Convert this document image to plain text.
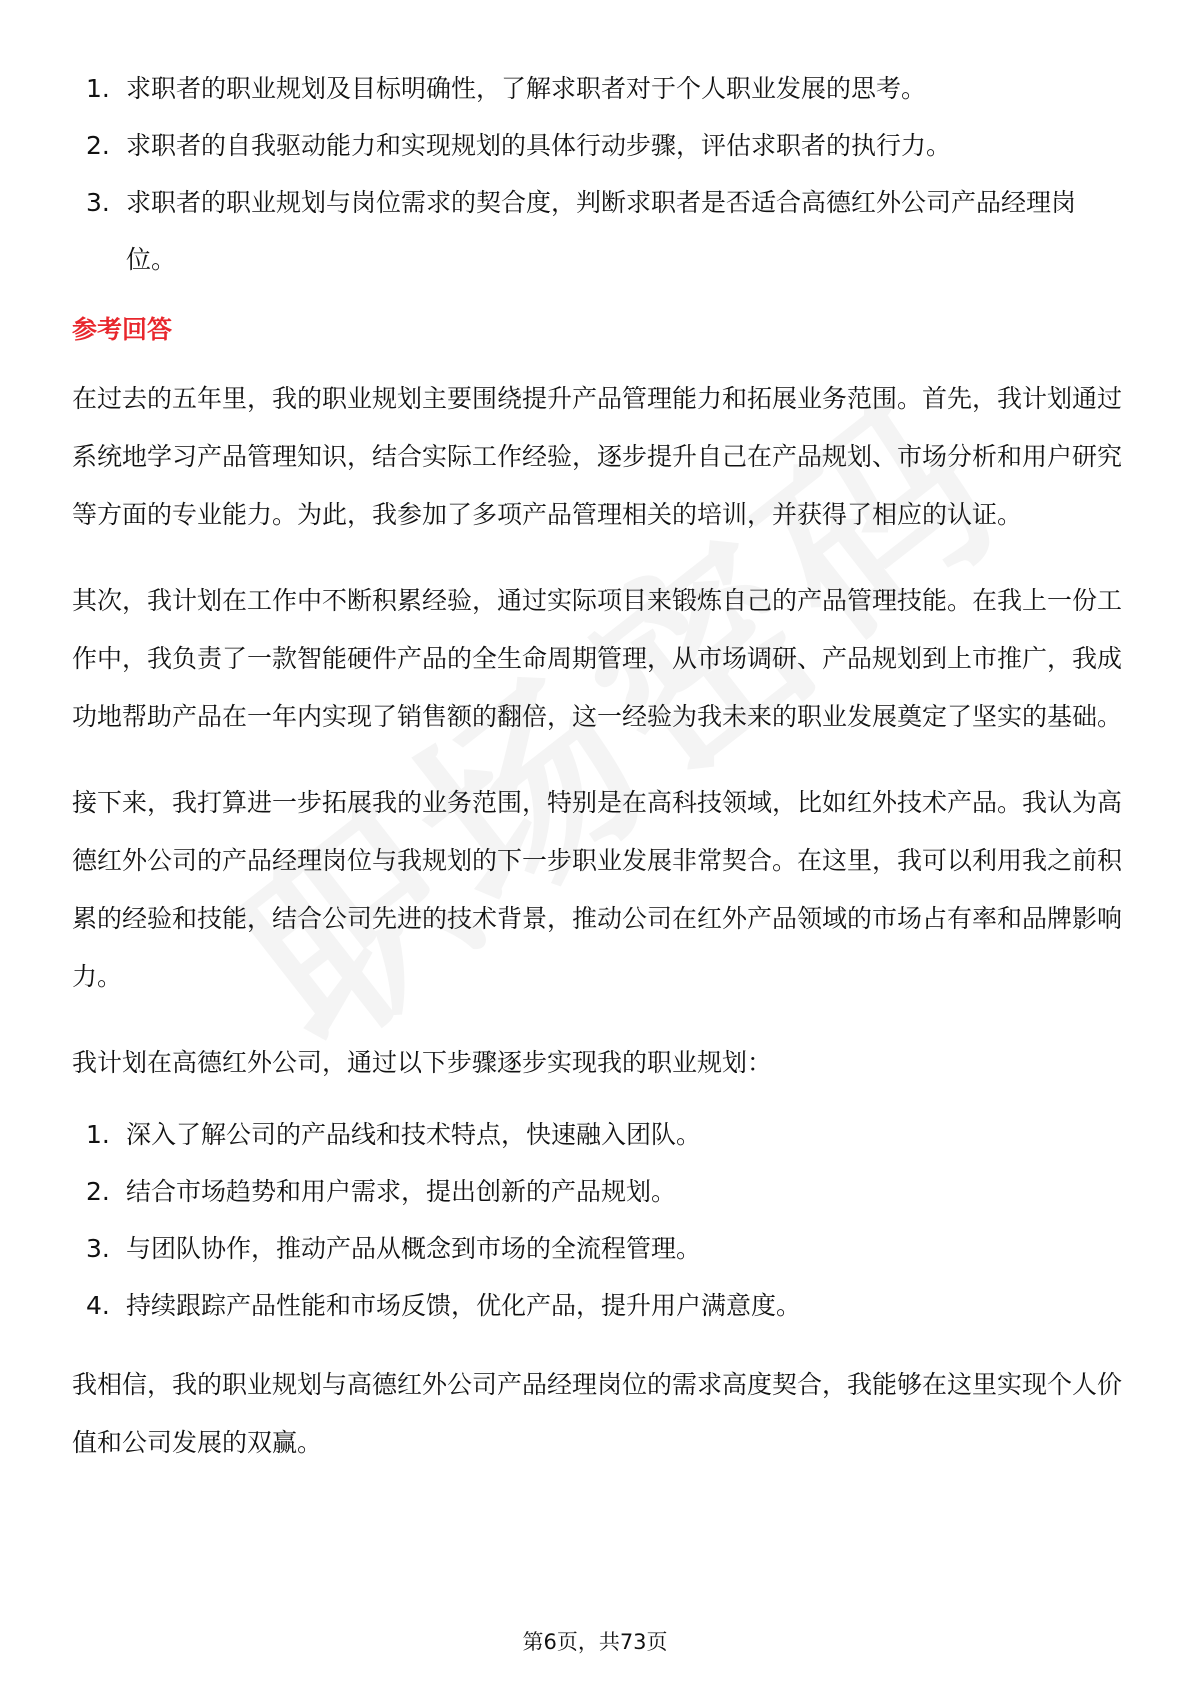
1. 求职者的职业规划及目标明确性，了解求职者对于个人职业发展的思考。
2. 求职者的自我驱动能力和实现规划的具体行动步骤，评估求职者的执行力。
3. 求职者的职业规划与岗位需求的契合度，判断求职者是否适合高德红外公司产品经理岗位。
参考回答

在过去的五年里，我的职业规划主要围绕提升产品管理能力和拓展业务范围。首先，我计划通过系统地学习产品管理知识，结合实际工作经验，逐步提升自己在产品规划、市场分析和用户研究等方面的专业能力。为此，我参加了多项产品管理相关的培训，并获得了相应的认证。

其次，我计划在工作中不断积累经验，通过实际项目来锻炼自己的产品管理技能。在我上一份工作中，我负责了一款智能硬件产品的全生命周期管理，从市场调研、产品规划到上市推广，我成功地帮助产品在一年内实现了销售额的翻倍，这一经验为我未来的职业发展奠定了坚实的基础。

接下来，我打算进一步拓展我的业务范围，特别是在高科技领域，比如红外技术产品。我认为高德红外公司的产品经理岗位与我规划的下一步职业发展非常契合。在这里，我可以利用我之前积累的经验和技能，结合公司先进的技术背景，推动公司在红外产品领域的市场占有率和品牌影响力。

我计划在高德红外公司，通过以下步骤逐步实现我的职业规划：

1. 深入了解公司的产品线和技术特点，快速融入团队。
2. 结合市场趋势和用户需求，提出创新的产品规划。
3. 与团队协作，推动产品从概念到市场的全流程管理。
4. 持续跟踪产品性能和市场反馈，优化产品，提升用户满意度。

我相信，我的职业规划与高德红外公司产品经理岗位的需求高度契合，我能够在这里实现个人价值和公司发展的双赢。

第6页，共73页
